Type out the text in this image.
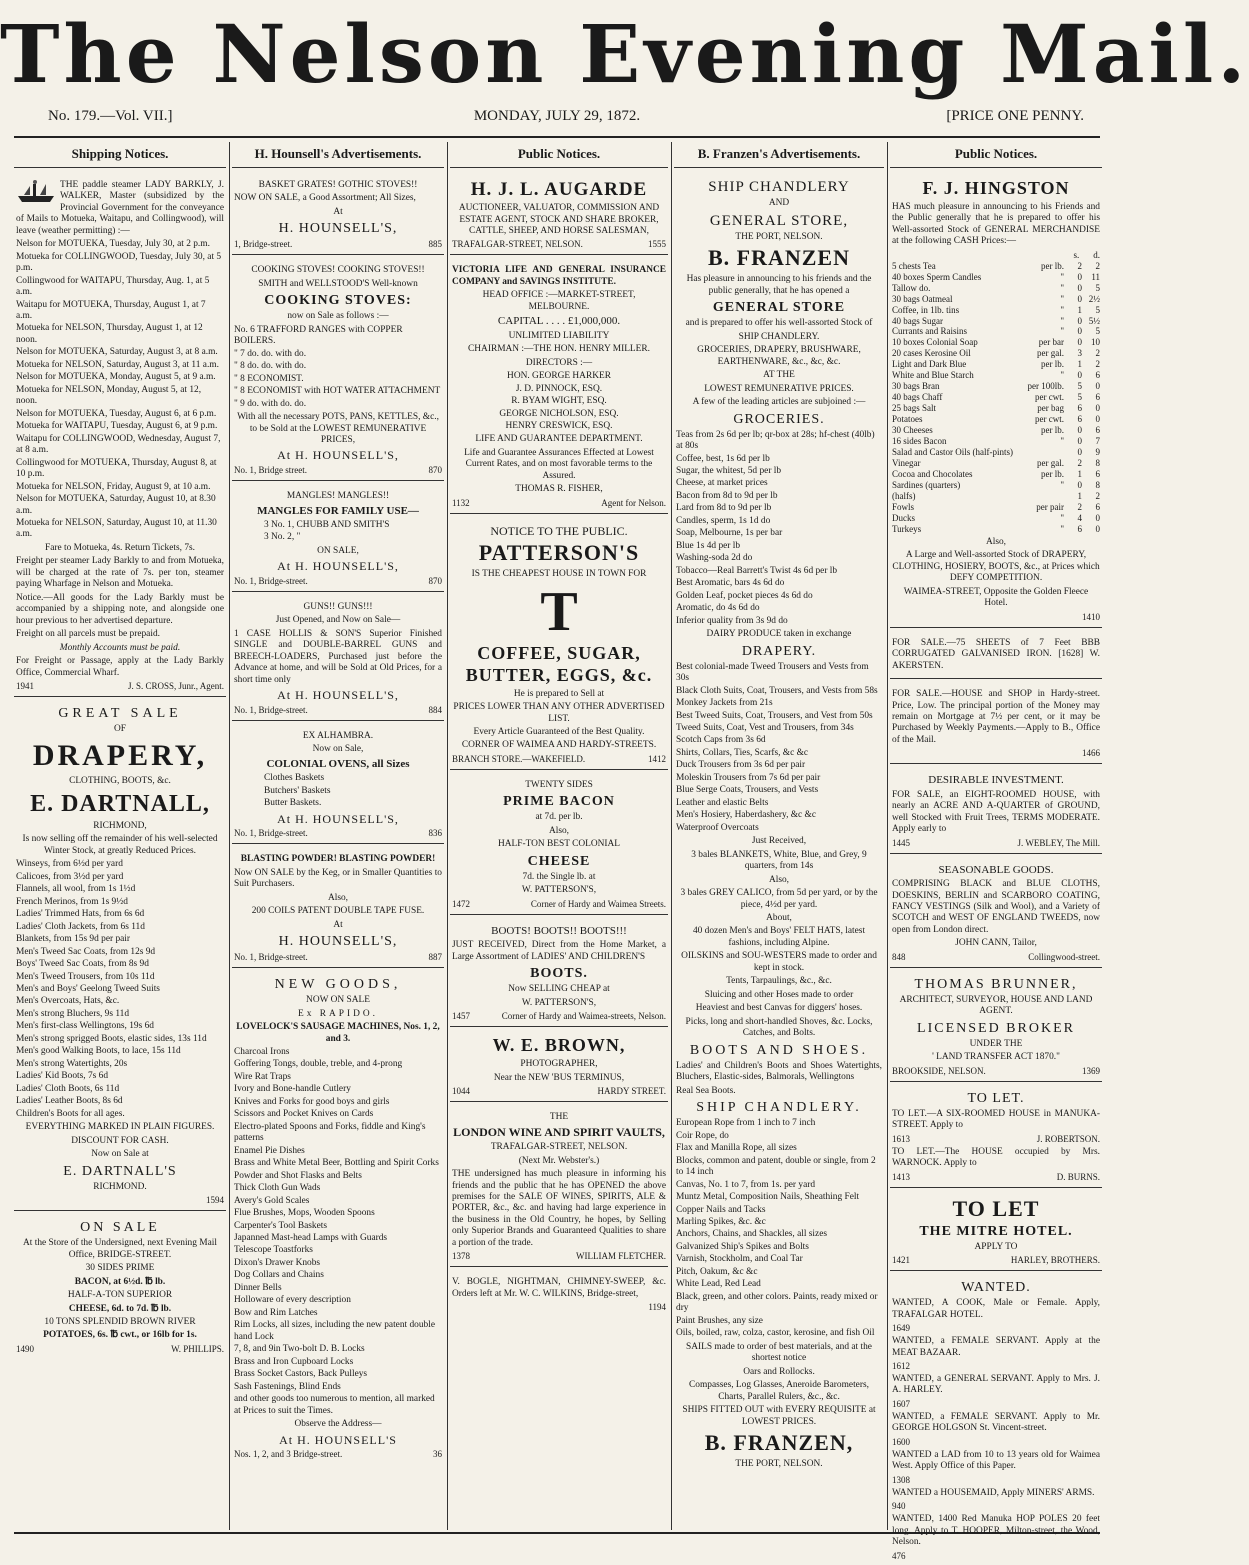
The Nelson Evening Mail.
No. 179.—Vol. VII.]	MONDAY, JULY 29, 1872.	[PRICE ONE PENNY.
Shipping Notices.
THE paddle steamer LADY BARKLY, J. WALKER, Master (subsidized by the Provincial Government for the conveyance of Mails to Motueka, Waitapu, and Collingwood), will leave (weather permitting) :—
Nelson for MOTUEKA, Tuesday, July 30, at 2 p.m.
Motueka for COLLINGWOOD, Tuesday, July 30, at 5 p.m.
Collingwood for WAITAPU, Thursday, Aug. 1, at 5 a.m.
Waitapu for MOTUEKA, Thursday, August 1, at 7 a.m.
Motueka for NELSON, Thursday, August 1, at 12 noon.
Nelson for MOTUEKA, Saturday, August 3, at 8 a.m.
Motueka for NELSON, Saturday, August 3, at 11 a.m.
Nelson for MOTUEKA, Monday, August 5, at 9 a.m.
Motueka for NELSON, Monday, August 5, at 12, noon.
Nelson for MOTUEKA, Tuesday, August 6, at 6 p.m.
Motueka for WAITAPU, Tuesday, August 6, at 9 p.m.
Waitapu for COLLINGWOOD, Wednesday, August 7, at 8 a.m.
Collingwood for MOTUEKA, Thursday, August 8, at 10 p.m.
Motueka for NELSON, Friday, August 9, at 10 a.m.
Nelson for MOTUEKA, Saturday, August 10, at 8.30 a.m.
Motueka for NELSON, Saturday, August 10, at 11.30 a.m.
Fare to Motueka, 4s. Return Tickets, 7s.
Freight per steamer Lady Barkly to and from Motueka, will be charged at the rate of 7s. per ton, steamer paying Wharfage in Nelson and Motueka.
Notice.—All goods for the Lady Barkly must be accompanied by a shipping note, and alongside one hour previous to her advertised departure.
Freight on all parcels must be prepaid.
Monthly Accounts must be paid.
For Freight or Passage, apply at the Lady Barkly Office, Commercial Wharf.
1941	J. S. CROSS, Junr., Agent.
GREAT SALE
OF
DRAPERY,
CLOTHING, BOOTS, &c.
E. DARTNALL,
RICHMOND,
Is now selling off the remainder of his well-selected Winter Stock, at greatly Reduced Prices.
Winseys, from 6½d per yard
Calicoes, from 3½d per yard
Flannels, all wool, from 1s 1½d
French Merinos, from 1s 9½d
Ladies' Trimmed Hats, from 6s 6d
Ladies' Cloth Jackets, from 6s 11d
Blankets, from 15s 9d per pair
Men's Tweed Sac Coats, from 12s 9d
Boys' Tweed Sac Coats, from 8s 9d
Men's Tweed Trousers, from 10s 11d
Men's and Boys' Geelong Tweed Suits
Men's Overcoats, Hats, &c.
Men's strong Bluchers, 9s 11d
Men's first-class Wellingtons, 19s 6d
Men's strong sprigged Boots, elastic sides, 13s 11d
Men's good Walking Boots, to lace, 15s 11d
Men's strong Watertights, 20s
Ladies' Kid Boots, 7s 6d
Ladies' Cloth Boots, 6s 11d
Ladies' Leather Boots, 8s 6d
Children's Boots for all ages.
EVERYTHING MARKED IN PLAIN FIGURES.
DISCOUNT FOR CASH.
Now on Sale at
E. DARTNALL'S
RICHMOND.
1594
ON SALE
At the Store of the Undersigned, next Evening Mail Office, BRIDGE-STREET.
30 SIDES PRIME
BACON, at 6½d. ℔ lb.
HALF-A-TON SUPERIOR
CHEESE, 6d. to 7d. ℔ lb.
10 TONS SPLENDID BROWN RIVER
POTATOES, 6s. ℔ cwt., or 16lb for 1s.
1490	W. PHILLIPS.
H. Hounsell's Advertisements.
BASKET GRATES! GOTHIC STOVES!!
NOW ON SALE, a Good Assortment; All Sizes,
At
H. HOUNSELL'S,
1, Bridge-street.	885
COOKING STOVES! COOKING STOVES!!
SMITH and WELLSTOOD'S Well-known
COOKING STOVES:
now on Sale as follows :—
No. 6 TRAFFORD RANGES with COPPER BOILERS.
" 7 do. do. with do.
" 8 do. do. with do.
" 8 ECONOMIST.
" 8 ECONOMIST with HOT WATER ATTACHMENT
" 9 do. with do. do.
With all the necessary POTS, PANS, KETTLES, &c., to be Sold at the LOWEST REMUNERATIVE PRICES,
At H. HOUNSELL'S,
No. 1, Bridge street.	870
MANGLES! MANGLES!!
MANGLES FOR FAMILY USE—
3 No. 1, CHUBB AND SMITH'S
3 No. 2, "
ON SALE,
At H. HOUNSELL'S,
No. 1, Bridge-street.	870
GUNS!! GUNS!!!
Just Opened, and Now on Sale—
1 CASE HOLLIS & SON'S Superior Finished SINGLE and DOUBLE-BARREL GUNS and BREECH-LOADERS, Purchased just before the Advance at home, and will be Sold at Old Prices, for a short time only
At H. HOUNSELL'S,
No. 1, Bridge-street.	884
EX ALHAMBRA.
Now on Sale,
COLONIAL OVENS, all Sizes
Clothes Baskets
Butchers' Baskets
Butter Baskets.
At H. HOUNSELL'S,
No. 1, Bridge-street.	836
BLASTING POWDER! BLASTING POWDER!
Now ON SALE by the Keg, or in Smaller Quantities to Suit Purchasers.
Also,
200 COILS PATENT DOUBLE TAPE FUSE.
At
H. HOUNSELL'S,
No. 1, Bridge-street.	887
NEW GOODS,
NOW ON SALE
Ex RAPIDO.
LOVELOCK'S SAUSAGE MACHINES, Nos. 1, 2, and 3.
Charcoal Irons
Goffering Tongs, double, treble, and 4-prong
Wire Rat Traps
Ivory and Bone-handle Cutlery
Knives and Forks for good boys and girls
Scissors and Pocket Knives on Cards
Electro-plated Spoons and Forks, fiddle and King's patterns
Enamel Pie Dishes
Brass and White Metal Beer, Bottling and Spirit Corks
Powder and Shot Flasks and Belts
Thick Cloth Gun Wads
Avery's Gold Scales
Flue Brushes, Mops, Wooden Spoons
Carpenter's Tool Baskets
Japanned Mast-head Lamps with Guards
Telescope Toastforks
Dixon's Drawer Knobs
Dog Collars and Chains
Dinner Bells
Holloware of every description
Bow and Rim Latches
Rim Locks, all sizes, including the new patent double hand Lock
7, 8, and 9in Two-bolt D. B. Locks
Brass and Iron Cupboard Locks
Brass Socket Castors, Back Pulleys
Sash Fastenings, Blind Ends
and other goods too numerous to mention, all marked at Prices to suit the Times.
Observe the Address—
At H. HOUNSELL'S
Nos. 1, 2, and 3 Bridge-street.	36
Public Notices.
H. J. L. AUGARDE
AUCTIONEER, VALUATOR, COMMISSION AND ESTATE AGENT, STOCK AND SHARE BROKER, CATTLE, SHEEP, AND HORSE SALESMAN,
TRAFALGAR-STREET, NELSON.	1555
VICTORIA LIFE AND GENERAL INSURANCE COMPANY and SAVINGS INSTITUTE.
HEAD OFFICE :—MARKET-STREET, MELBOURNE.
CAPITAL . . . . £1,000,000.
UNLIMITED LIABILITY
CHAIRMAN :—THE HON. HENRY MILLER.
DIRECTORS :—
HON. GEORGE HARKER
J. D. PINNOCK, ESQ.
R. BYAM WIGHT, ESQ.
GEORGE NICHOLSON, ESQ.
HENRY CRESWICK, ESQ.
LIFE AND GUARANTEE DEPARTMENT.
Life and Guarantee Assurances Effected at Lowest Current Rates, and on most favorable terms to the Assured.
THOMAS R. FISHER,
1132	Agent for Nelson.
NOTICE TO THE PUBLIC.
PATTERSON'S
IS THE CHEAPEST HOUSE IN TOWN FOR
T
COFFEE, SUGAR, BUTTER, EGGS, &c.
He is prepared to Sell at
PRICES LOWER THAN ANY OTHER ADVERTISED LIST.
Every Article Guaranteed of the Best Quality.
CORNER OF WAIMEA AND HARDY-STREETS.
BRANCH STORE.—WAKEFIELD.	1412
TWENTY SIDES
PRIME BACON
at 7d. per lb.
Also,
HALF-TON BEST COLONIAL
CHEESE
7d. the Single lb. at
W. PATTERSON'S,
1472	Corner of Hardy and Waimea Streets.
BOOTS! BOOTS!! BOOTS!!!
JUST RECEIVED, Direct from the Home Market, a Large Assortment of LADIES' AND CHILDREN'S
BOOTS.
Now SELLING CHEAP at
W. PATTERSON'S,
1457	Corner of Hardy and Waimea-streets, Nelson.
W. E. BROWN,
PHOTOGRAPHER,
Near the NEW 'BUS TERMINUS,
1044	HARDY STREET.
THE
LONDON WINE AND SPIRIT VAULTS,
TRAFALGAR-STREET, NELSON.
(Next Mr. Webster's.)
THE undersigned has much pleasure in informing his friends and the public that he has OPENED the above premises for the SALE OF WINES, SPIRITS, ALE & PORTER, &c., &c. and having had large experience in the business in the Old Country, he hopes, by Selling only Superior Brands and Guaranteed Qualities to share a portion of the trade.
1378	WILLIAM FLETCHER.
V. BOGLE, NIGHTMAN, CHIMNEY-SWEEP, &c. Orders left at Mr. W. C. WILKINS, Bridge-street,
1194
B. Franzen's Advertisements.
SHIP CHANDLERY
AND
GENERAL STORE,
THE PORT, NELSON.
B. FRANZEN
Has pleasure in announcing to his friends and the public generally, that he has opened a
GENERAL STORE
and is prepared to offer his well-assorted Stock of
SHIP CHANDLERY.
GROCERIES, DRAPERY, BRUSHWARE, EARTHENWARE, &c., &c, &c.
AT THE
LOWEST REMUNERATIVE PRICES.
A few of the leading articles are subjoined :—
GROCERIES.
Teas from 2s 6d per lb; qr-box at 28s; hf-chest (40lb) at 80s
Coffee, best, 1s 6d per lb
Sugar, the whitest, 5d per lb
Cheese, at market prices
Bacon from 8d to 9d per lb
Lard from 8d to 9d per lb
Candles, sperm, 1s 1d do
Soap, Melbourne, 1s per bar
Blue 1s 4d per lb
Washing-soda 2d do
Tobacco—Real Barrett's Twist 4s 6d per lb
Best Aromatic, bars 4s 6d do
Golden Leaf, pocket pieces 4s 6d do
Aromatic, do 4s 6d do
Inferior quality from 3s 9d do
DAIRY PRODUCE taken in exchange
DRAPERY.
Best colonial-made Tweed Trousers and Vests from 30s
Black Cloth Suits, Coat, Trousers, and Vests from 58s
Monkey Jackets from 21s
Best Tweed Suits, Coat, Trousers, and Vest from 50s
Tweed Suits, Coat, Vest and Trousers, from 34s
Scotch Caps from 3s 6d
Shirts, Collars, Ties, Scarfs, &c &c
Duck Trousers from 3s 6d per pair
Moleskin Trousers from 7s 6d per pair
Blue Serge Coats, Trousers, and Vests
Leather and elastic Belts
Men's Hosiery, Haberdashery, &c &c
Waterproof Overcoats
Just Received,
3 bales BLANKETS, White, Blue, and Grey, 9 quarters, from 14s
Also,
3 bales GREY CALICO, from 5d per yard, or by the piece, 4½d per yard.
About,
40 dozen Men's and Boys' FELT HATS, latest fashions, including Alpine.
OILSKINS and SOU-WESTERS made to order and kept in stock.
Tents, Tarpaulings, &c., &c.
Sluicing and other Hoses made to order
Heaviest and best Canvas for diggers' hoses.
Picks, long and short-handled Shoves, &c. Locks, Catches, and Bolts.
BOOTS AND SHOES.
Ladies' and Children's Boots and Shoes Watertights, Bluchers, Elastic-sides, Balmorals, Wellingtons
Real Sea Boots.
SHIP CHANDLERY.
European Rope from 1 inch to 7 inch
Coir Rope, do
Flax and Manilla Rope, all sizes
Blocks, common and patent, double or single, from 2 to 14 inch
Canvas, No. 1 to 7, from 1s. per yard
Muntz Metal, Composition Nails, Sheathing Felt
Copper Nails and Tacks
Marling Spikes, &c. &c
Anchors, Chains, and Shackles, all sizes
Galvanized Ship's Spikes and Bolts
Varnish, Stockholm, and Coal Tar
Pitch, Oakum, &c &c
White Lead, Red Lead
Black, green, and other colors. Paints, ready mixed or dry
Paint Brushes, any size
Oils, boiled, raw, colza, castor, kerosine, and fish Oil
SAILS made to order of best materials, and at the shortest notice
Oars and Rollocks.
Compasses, Log Glasses, Aneroide Barometers, Charts, Parallel Rulers, &c., &c.
SHIPS FITTED OUT with EVERY REQUISITE at LOWEST PRICES.
B. FRANZEN,
THE PORT, NELSON.
Public Notices.
F. J. HINGSTON
HAS much pleasure in announcing to his Friends and the Public generally that he is prepared to offer his Well-assorted Stock of GENERAL MERCHANDISE at the following CASH Prices:—
s. d.
5 chests Tea	per lb.	2	2
40 boxes Sperm Candles	"	0	11
Tallow do.	"	0	5
30 bags Oatmeal	"	0 2½
Coffee, in 1lb. tins	"	1	5
40 bags Sugar	"	0 5½
Currants and Raisins	"	0	5
10 boxes Colonial Soap	per bar	0	10
20 cases Kerosine Oil	per gal.	3	2
Light and Dark Blue	per lb.	1	2
White and Blue Starch	"	0	6
30 bags Bran	per 100lb.	5	0
40 bags Chaff	per cwt.	5	6
25 bags Salt	per bag	6	0
Potatoes	per cwt.	6	0
30 Cheeses	per lb.	0	6
16 sides Bacon	"	0	7
Salad and Castor Oils (half-pints)	0	9
Vinegar	per gal.	2	8
Cocoa and Chocolates	per lb.	1	6
Sardines (quarters)	"	0	8
(halfs)	1	2
Fowls	per pair	2	6
Ducks	"	4	0
Turkeys	"	6	0
Also,
A Large and Well-assorted Stock of DRAPERY, CLOTHING, HOSIERY, BOOTS, &c., at Prices which DEFY COMPETITION.
WAIMEA-STREET, Opposite the Golden Fleece Hotel.
1410
FOR SALE.—75 SHEETS of 7 Feet BBB CORRUGATED GALVANISED IRON. [1628] W. AKERSTEN.
FOR SALE.—HOUSE and SHOP in Hardy-street. Price, Low. The principal portion of the Money may remain on Mortgage at 7½ per cent, or it may be Purchased by Weekly Payments.—Apply to B., Office of the Mail.
1466
DESIRABLE INVESTMENT.
FOR SALE, an EIGHT-ROOMED HOUSE, with nearly an ACRE AND A-QUARTER of GROUND, well Stocked with Fruit Trees, TERMS MODERATE. Apply early to
1445	J. WEBLEY, The Mill.
SEASONABLE GOODS.
COMPRISING BLACK and BLUE CLOTHS, DOESKINS, BERLIN and SCARBORO COATING, FANCY VESTINGS (Silk and Wool), and a Variety of SCOTCH and WEST OF ENGLAND TWEEDS, now open from London direct.
JOHN CANN, Tailor,
848	Collingwood-street.
THOMAS BRUNNER,
ARCHITECT, SURVEYOR, HOUSE AND LAND AGENT.
LICENSED BROKER
UNDER THE
' LAND TRANSFER ACT 1870."
BROOKSIDE, NELSON.	1369
TO LET.
TO LET.—A SIX-ROOMED HOUSE in MANUKA-STREET. Apply to
1613	J. ROBERTSON.
TO LET.—The HOUSE occupied by Mrs. WARNOCK. Apply to
1413	D. BURNS.
TO LET
THE MITRE HOTEL.
APPLY TO
1421	HARLEY, BROTHERS.
WANTED.
WANTED, A COOK, Male or Female. Apply, TRAFALGAR HOTEL.
1649
WANTED, a FEMALE SERVANT. Apply at the MEAT BAZAAR.
1612
WANTED, a GENERAL SERVANT. Apply to Mrs. J. A. HARLEY.
1607
WANTED, a FEMALE SERVANT. Apply to Mr. GEORGE HOLGSON St. Vincent-street.
1600
WANTED a LAD from 10 to 13 years old for Waimea West. Apply Office of this Paper.
1308
WANTED a HOUSEMAID, Apply MINERS' ARMS.
940
WANTED, 1400 Red Manuka HOP POLES 20 feet long. Apply to T. HOOPER, Milton-street, the Wood, Nelson.
476
